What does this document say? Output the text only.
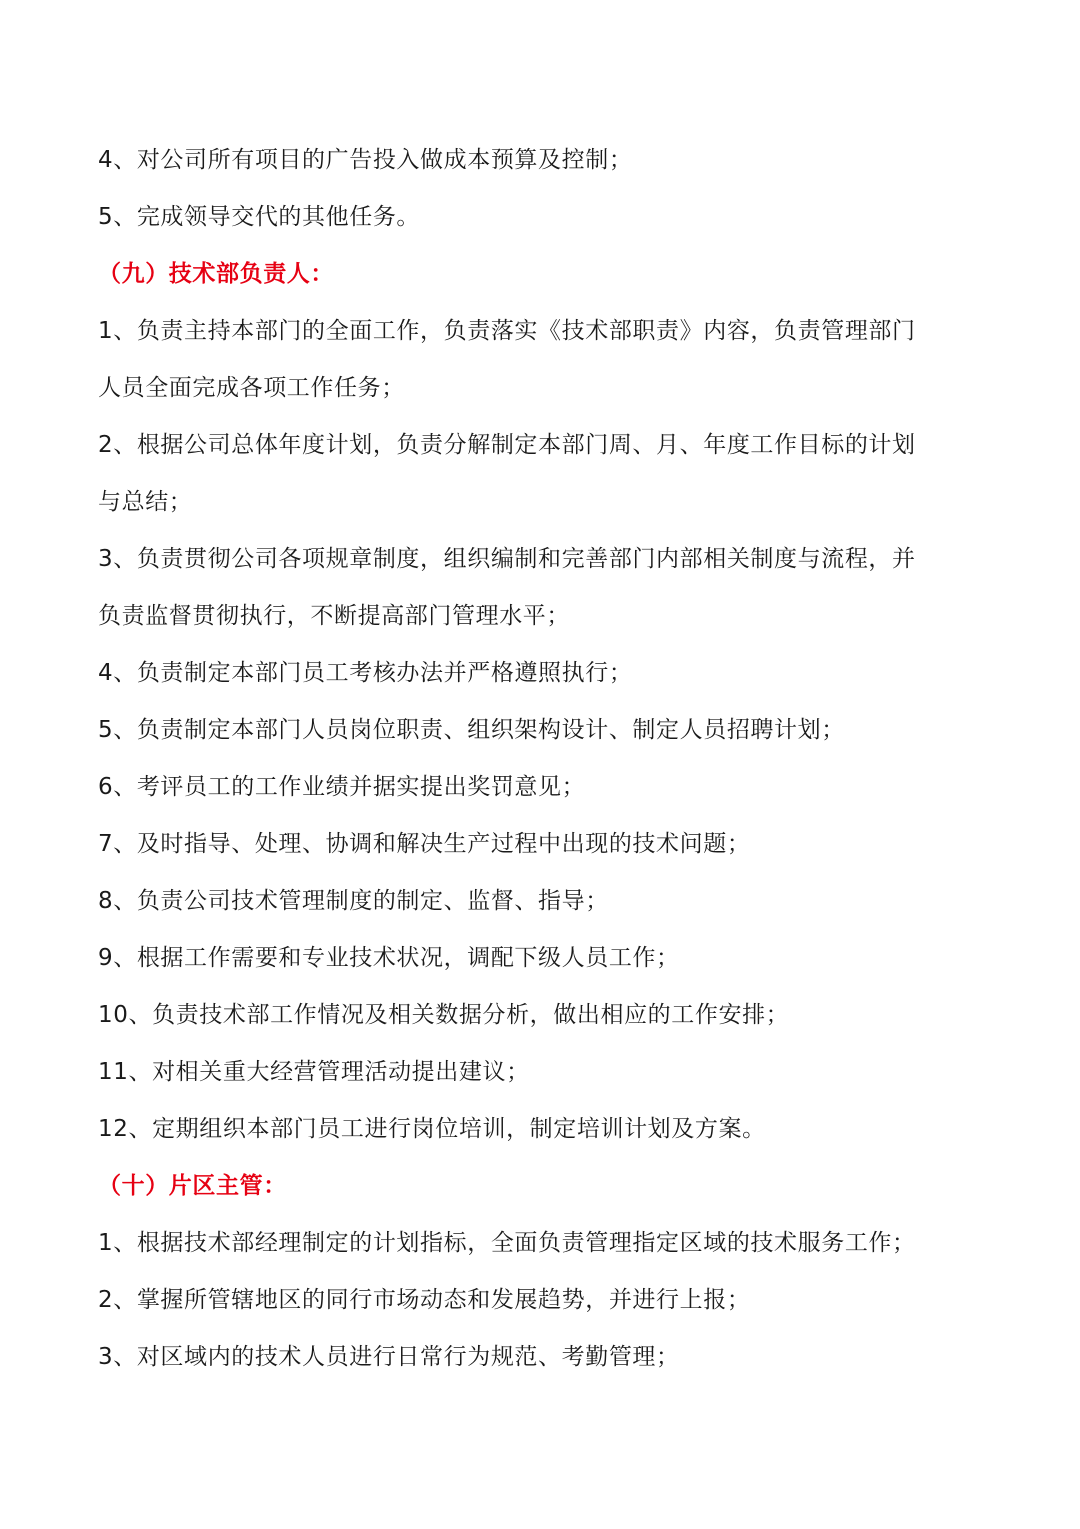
4、对公司所有项目的广告投入做成本预算及控制；
5、完成领导交代的其他任务。
（九）技术部负责人：
1、负责主持本部门的全面工作，负责落实《技术部职责》内容，负责管理部门
人员全面完成各项工作任务；
2、根据公司总体年度计划，负责分解制定本部门周、月、年度工作目标的计划
与总结；
3、负责贯彻公司各项规章制度，组织编制和完善部门内部相关制度与流程，并
负责监督贯彻执行，不断提高部门管理水平；
4、负责制定本部门员工考核办法并严格遵照执行；
5、负责制定本部门人员岗位职责、组织架构设计、制定人员招聘计划；
6、考评员工的工作业绩并据实提出奖罚意见；
7、及时指导、处理、协调和解决生产过程中出现的技术问题；
8、负责公司技术管理制度的制定、监督、指导；
9、根据工作需要和专业技术状况，调配下级人员工作；
10、负责技术部工作情况及相关数据分析，做出相应的工作安排；
11、对相关重大经营管理活动提出建议；
12、定期组织本部门员工进行岗位培训，制定培训计划及方案。
（十）片区主管：
1、根据技术部经理制定的计划指标，全面负责管理指定区域的技术服务工作；
2、掌握所管辖地区的同行市场动态和发展趋势，并进行上报；
3、对区域内的技术人员进行日常行为规范、考勤管理；
